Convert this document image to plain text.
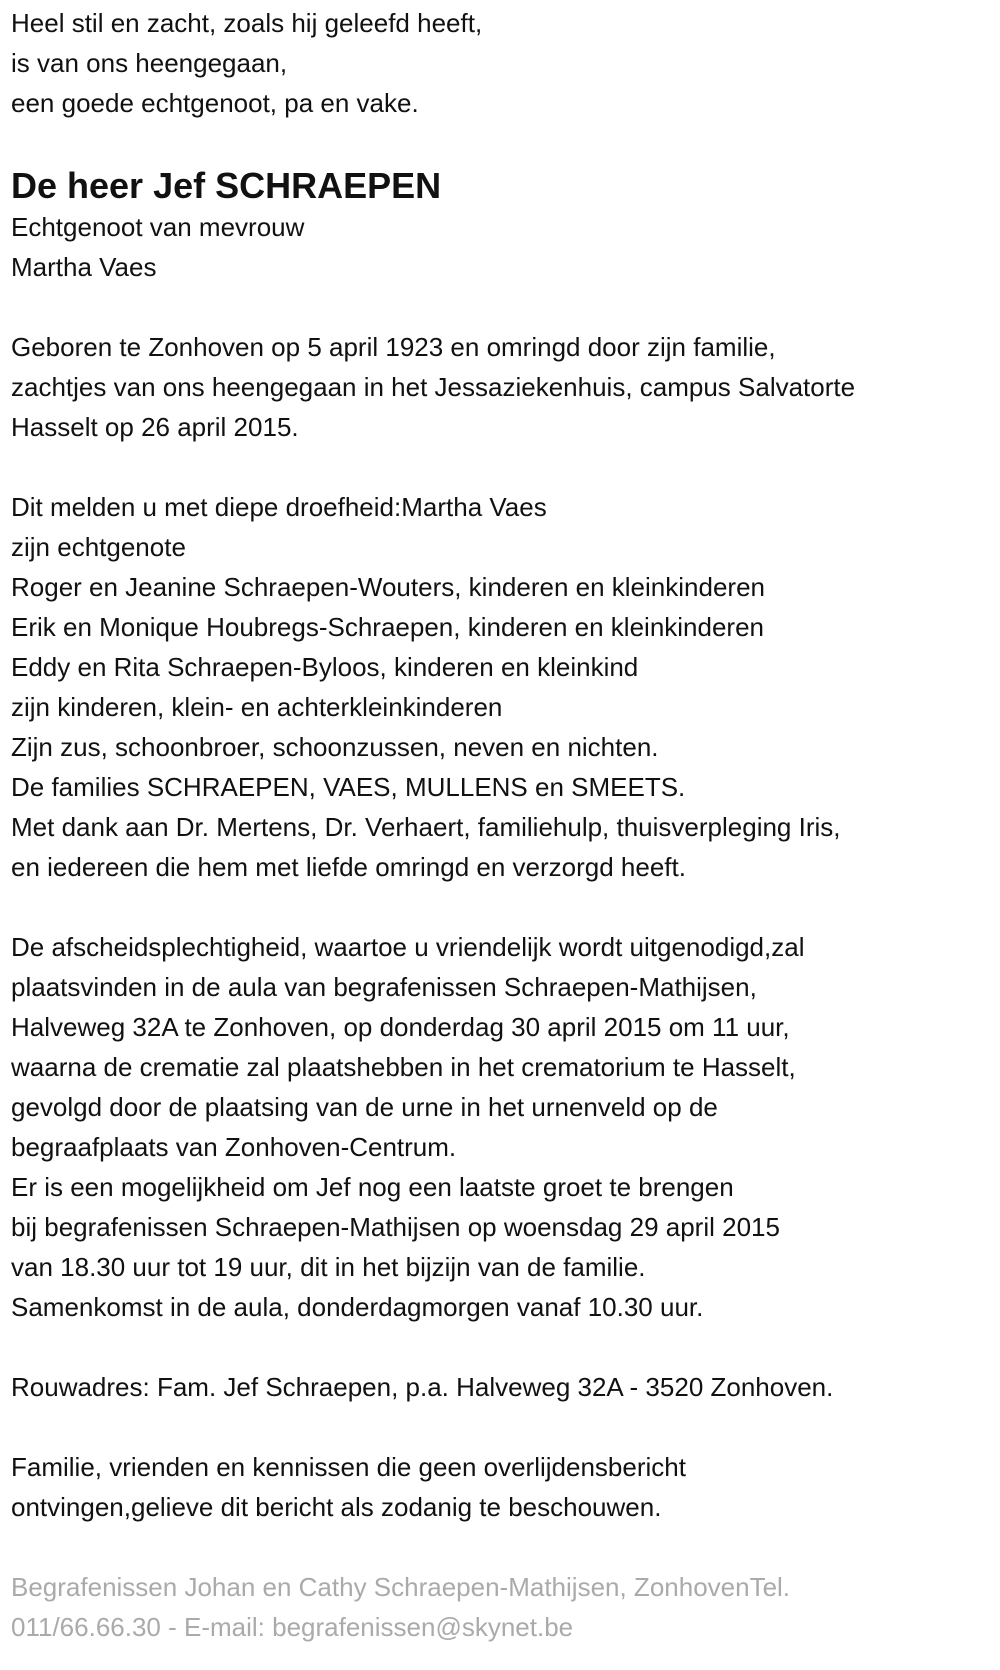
Heel stil en zacht, zoals hij geleefd heeft,
is van ons heengegaan,
een goede echtgenoot, pa en vake.
De heer Jef SCHRAEPEN
Echtgenoot van mevrouw
Martha Vaes
Geboren te Zonhoven op 5 april 1923 en omringd door zijn familie,
zachtjes van ons heengegaan in het Jessaziekenhuis, campus Salvatorte
Hasselt op 26 april 2015.
Dit melden u met diepe droefheid:Martha Vaes
zijn echtgenote
Roger en Jeanine Schraepen-Wouters, kinderen en kleinkinderen
Erik en Monique Houbregs-Schraepen, kinderen en kleinkinderen
Eddy en Rita Schraepen-Byloos, kinderen en kleinkind
zijn kinderen, klein- en achterkleinkinderen
Zijn zus, schoonbroer, schoonzussen, neven en nichten.
De families SCHRAEPEN, VAES, MULLENS en SMEETS.
Met dank aan Dr. Mertens, Dr. Verhaert, familiehulp, thuisverpleging Iris,
en iedereen die hem met liefde omringd en verzorgd heeft.
De afscheidsplechtigheid, waartoe u vriendelijk wordt uitgenodigd,zal
plaatsvinden in de aula van begrafenissen Schraepen-Mathijsen,
Halveweg 32A te Zonhoven, op donderdag 30 april 2015 om 11 uur,
waarna de crematie zal plaatshebben in het crematorium te Hasselt,
gevolgd door de plaatsing van de urne in het urnenveld op de
begraafplaats van Zonhoven-Centrum.
Er is een mogelijkheid om Jef nog een laatste groet te brengen
bij begrafenissen Schraepen-Mathijsen op woensdag 29 april 2015
van 18.30 uur tot 19 uur, dit in het bijzijn van de familie.
Samenkomst in de aula, donderdagmorgen vanaf 10.30 uur.
Rouwadres: Fam. Jef Schraepen, p.a. Halveweg 32A - 3520 Zonhoven.
Familie, vrienden en kennissen die geen overlijdensbericht
ontvingen,gelieve dit bericht als zodanig te beschouwen.
Begrafenissen Johan en Cathy Schraepen-Mathijsen, ZonhovenTel.
011/66.66.30 - E-mail: begrafenissen@skynet.be
